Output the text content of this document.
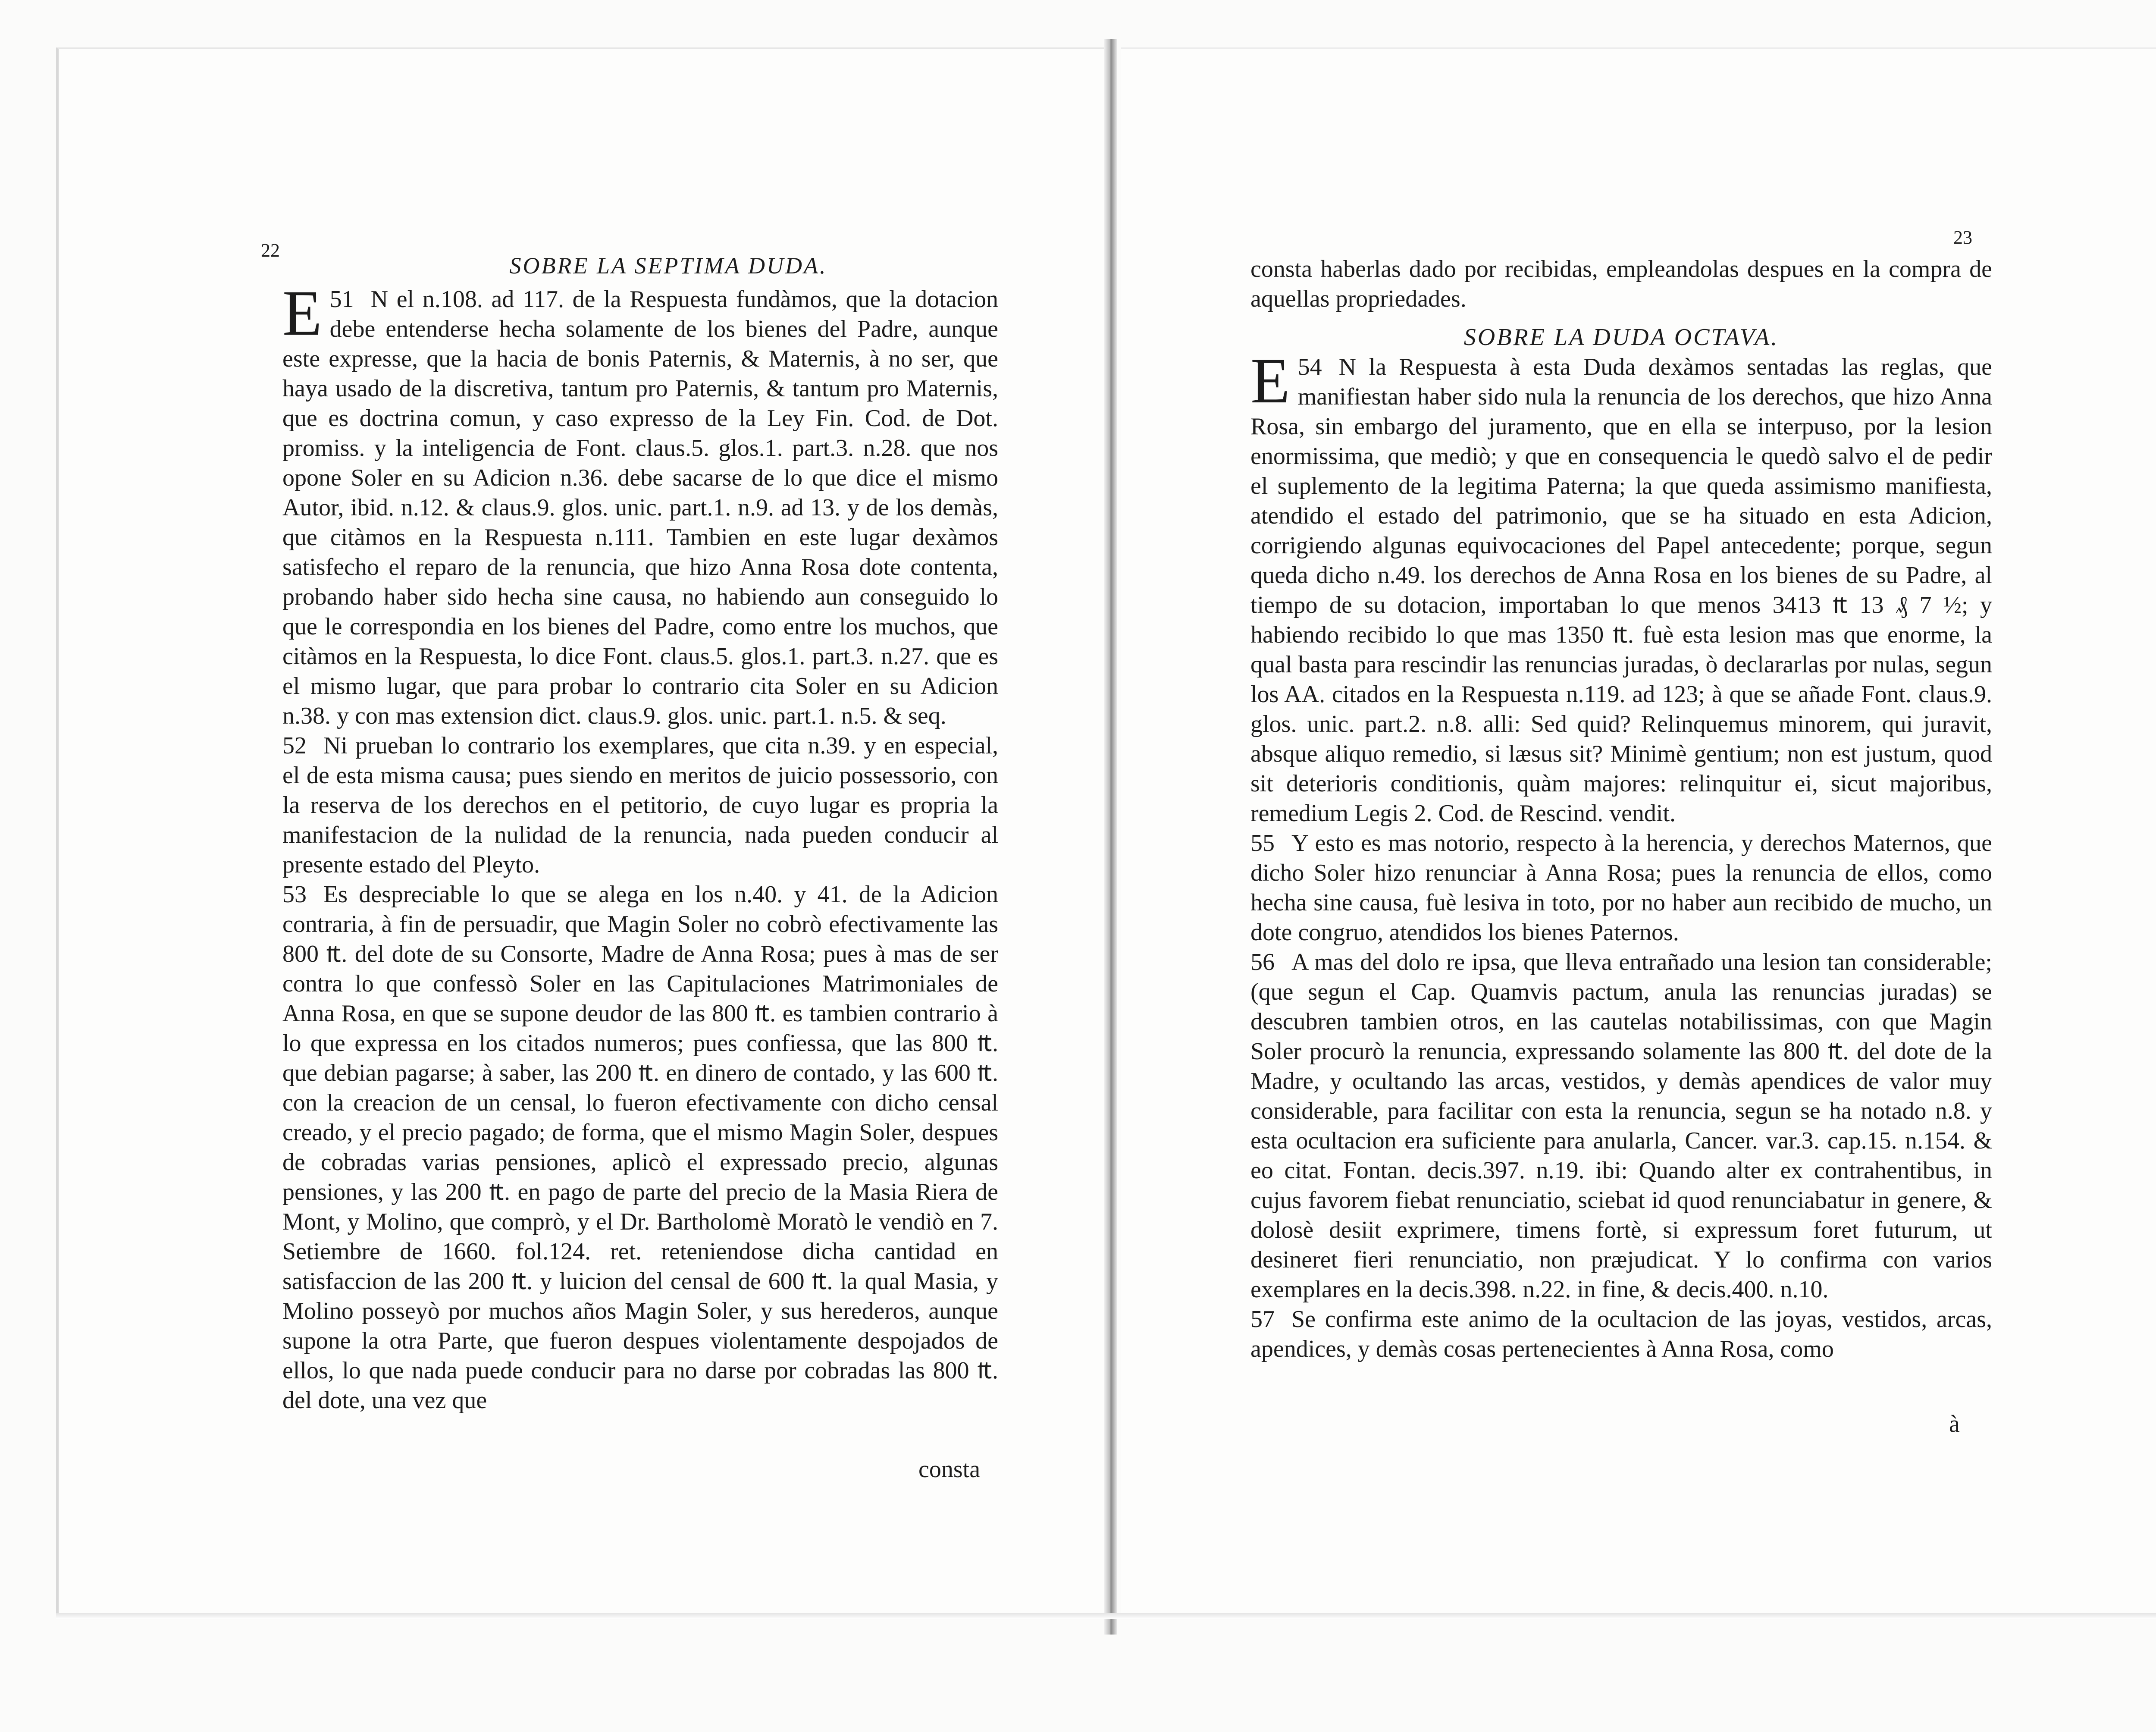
22
SOBRE LA SEPTIMA DUDA.
51
E N el n.108. ad 117. de la Respuesta fundàmos, que la dotacion debe entenderse hecha solamente de los bienes del Padre, aunque este expresse, que la hacia de bonis Paternis, & Maternis, à no ser, que haya usado de la discretiva, tantum pro Paternis, & tantum pro Maternis, que es doctrina comun, y caso expresso de la Ley Fin. Cod. de Dot. promiss. y la inteligencia de Font. claus.5. glos.1. part.3. n.28. que nos opone Soler en su Adicion n.36. debe sacarse de lo que dice el mismo Autor, ibid. n.12. & claus.9. glos. unic. part.1. n.9. ad 13. y de los demàs, que citàmos en la Respuesta n.111. Tambien en este lugar dexàmos satisfecho el reparo de la renuncia, que hizo Anna Rosa dote contenta, probando haber sido hecha sine causa, no habiendo aun conseguido lo que le correspondia en los bienes del Padre, como entre los muchos, que citàmos en la Respuesta, lo dice Font. claus.5. glos.1. part.3. n.27. que es el mismo lugar, que para probar lo contrario cita Soler en su Adicion n.38. y con mas extension dict. claus.9. glos. unic. part.1. n.5. & seq.
52 Ni prueban lo contrario los exemplares, que cita n.39. y en especial, el de esta misma causa; pues siendo en meritos de juicio possessorio, con la reserva de los derechos en el petitorio, de cuyo lugar es propria la manifestacion de la nulidad de la renuncia, nada pueden conducir al presente estado del Pleyto.
53 Es despreciable lo que se alega en los n.40. y 41. de la Adicion contraria, à fin de persuadir, que Magin Soler no cobrò efectivamente las 800 ₶. del dote de su Consorte, Madre de Anna Rosa; pues à mas de ser contra lo que confessò Soler en las Capitulaciones Matrimoniales de Anna Rosa, en que se supone deudor de las 800 ₶. es tambien contrario à lo que expressa en los citados numeros; pues confiessa, que las 800 ₶. que debian pagarse; à saber, las 200 ₶. en dinero de contado, y las 600 ₶. con la creacion de un censal, lo fueron efectivamente con dicho censal creado, y el precio pagado; de forma, que el mismo Magin Soler, despues de cobradas varias pensiones, aplicò el expressado precio, algunas pensiones, y las 200 ₶. en pago de parte del precio de la Masia Riera de Mont, y Molino, que comprò, y el Dr. Bartholomè Moratò le vendiò en 7. Setiembre de 1660. fol.124. ret. reteniendose dicha cantidad en satisfaccion de las 200 ₶. y luicion del censal de 600 ₶. la qual Masia, y Molino posseyò por muchos años Magin Soler, y sus herederos, aunque supone la otra Parte, que fueron despues violentamente despojados de ellos, lo que nada puede conducir para no darse por cobradas las 800 ₶. del dote, una vez que
consta
23
consta haberlas dado por recibidas, empleandolas despues en la compra de aquellas propriedades.
SOBRE LA DUDA OCTAVA.
54
E N la Respuesta à esta Duda dexàmos sentadas las reglas, que manifiestan haber sido nula la renuncia de los derechos, que hizo Anna Rosa, sin embargo del juramento, que en ella se interpuso, por la lesion enormissima, que mediò; y que en consequencia le quedò salvo el de pedir el suplemento de la legitima Paterna; la que queda assimismo manifiesta, atendido el estado del patrimonio, que se ha situado en esta Adicion, corrigiendo algunas equivocaciones del Papel antecedente; porque, segun queda dicho n.49. los derechos de Anna Rosa en los bienes de su Padre, al tiempo de su dotacion, importaban lo que menos 3413 ₶ 13 ₰ 7 ½; y habiendo recibido lo que mas 1350 ₶. fuè esta lesion mas que enorme, la qual basta para rescindir las renuncias juradas, ò declararlas por nulas, segun los AA. citados en la Respuesta n.119. ad 123; à que se añade Font. claus.9. glos. unic. part.2. n.8. alli: Sed quid? Relinquemus minorem, qui juravit, absque aliquo remedio, si læsus sit? Minimè gentium; non est justum, quod sit deterioris conditionis, quàm majores: relinquitur ei, sicut majoribus, remedium Legis 2. Cod. de Rescind. vendit.
55 Y esto es mas notorio, respecto à la herencia, y derechos Maternos, que dicho Soler hizo renunciar à Anna Rosa; pues la renuncia de ellos, como hecha sine causa, fuè lesiva in toto, por no haber aun recibido de mucho, un dote congruo, atendidos los bienes Paternos.
56 A mas del dolo re ipsa, que lleva entrañado una lesion tan considerable; (que segun el Cap. Quamvis pactum, anula las renuncias juradas) se descubren tambien otros, en las cautelas notabilissimas, con que Magin Soler procurò la renuncia, expressando solamente las 800 ₶. del dote de la Madre, y ocultando las arcas, vestidos, y demàs apendices de valor muy considerable, para facilitar con esta la renuncia, segun se ha notado n.8. y esta ocultacion era suficiente para anularla, Cancer. var.3. cap.15. n.154. & eo citat. Fontan. decis.397. n.19. ibi: Quando alter ex contrahentibus, in cujus favorem fiebat renunciatio, sciebat id quod renunciabatur in genere, & dolosè desiit exprimere, timens fortè, si expressum foret futurum, ut desineret fieri renunciatio, non præjudicat. Y lo confirma con varios exemplares en la decis.398. n.22. in fine, & decis.400. n.10.
57 Se confirma este animo de la ocultacion de las joyas, vestidos, arcas, apendices, y demàs cosas pertenecientes à Anna Rosa, como
à
